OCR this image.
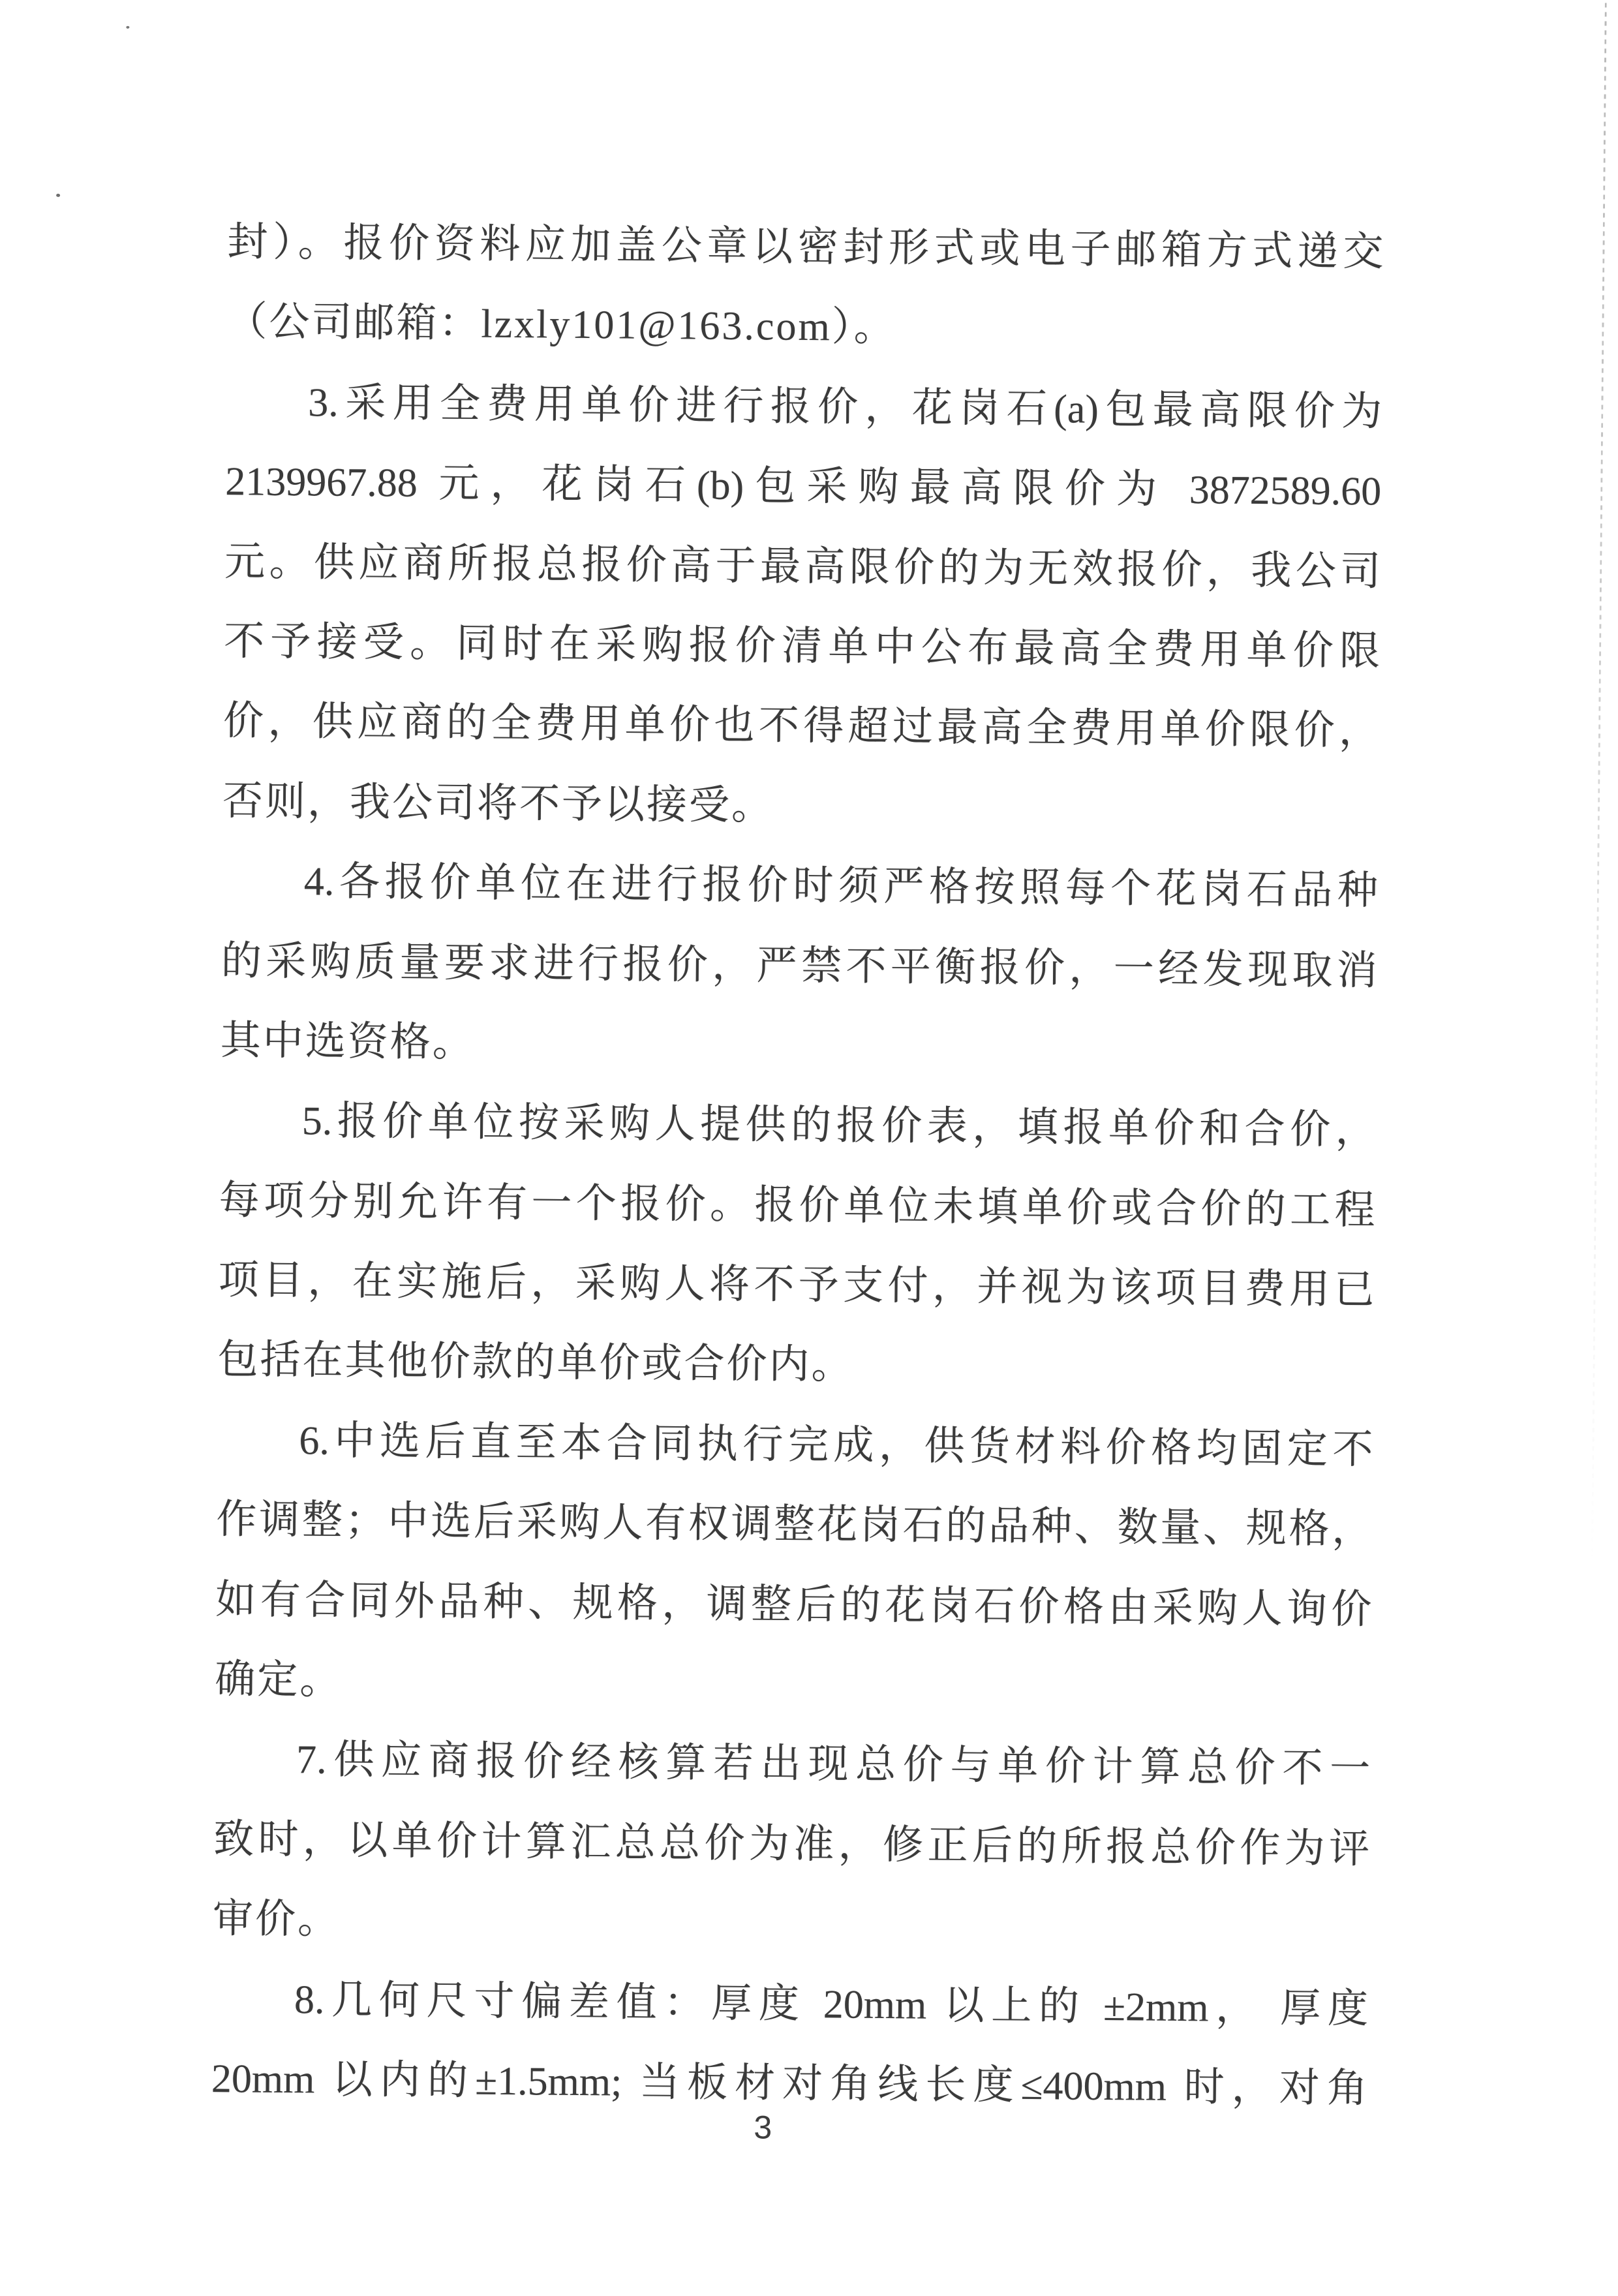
封）。报价资料应加盖公章以密封形式或电子邮箱方式递交
（公司邮箱：lzxly101@163.com）。
3.采用全费用单价进行报价，花岗石(a)包最高限价为
2139967.88 元，花岗石(b)包采购最高限价为 3872589.60
元。供应商所报总报价高于最高限价的为无效报价，我公司
不予接受。同时在采购报价清单中公布最高全费用单价限
价，供应商的全费用单价也不得超过最高全费用单价限价，
否则，我公司将不予以接受。
4.各报价单位在进行报价时须严格按照每个花岗石品种
的采购质量要求进行报价，严禁不平衡报价，一经发现取消
其中选资格。
5.报价单位按采购人提供的报价表，填报单价和合价，
每项分别允许有一个报价。报价单位未填单价或合价的工程
项目，在实施后，采购人将不予支付，并视为该项目费用已
包括在其他价款的单价或合价内。
6.中选后直至本合同执行完成，供货材料价格均固定不
作调整；中选后采购人有权调整花岗石的品种、数量、规格，
如有合同外品种、规格，调整后的花岗石价格由采购人询价
确定。
7.供应商报价经核算若出现总价与单价计算总价不一
致时，以单价计算汇总总价为准，修正后的所报总价作为评
审价。
8.几何尺寸偏差值：厚度 20mm 以上的 ±2mm， 厚度
20mm 以内的±1.5mm; 当板材对角线长度≤400mm 时，对角
3
